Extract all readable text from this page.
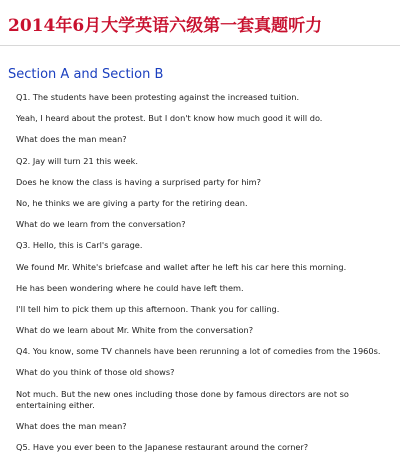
2014年6月大学英语六级第一套真题听力
Section A and Section B
Q1. The students have been protesting against the increased tuition.
Yeah, I heard about the protest. But I don't know how much good it will do.
What does the man mean?
Q2. Jay will turn 21 this week.
Does he know the class is having a surprised party for him?
No, he thinks we are giving a party for the retiring dean.
What do we learn from the conversation?
Q3. Hello, this is Carl's garage.
We found Mr. White's briefcase and wallet after he left his car here this morning.
He has been wondering where he could have left them.
I'll tell him to pick them up this afternoon. Thank you for calling.
What do we learn about Mr. White from the conversation?
Q4. You know, some TV channels have been rerunning a lot of comedies from the 1960s.
What do you think of those old shows?
Not much. But the new ones including those done by famous directors are not so entertaining either.
What does the man mean?
Q5. Have you ever been to the Japanese restaurant around the corner?
